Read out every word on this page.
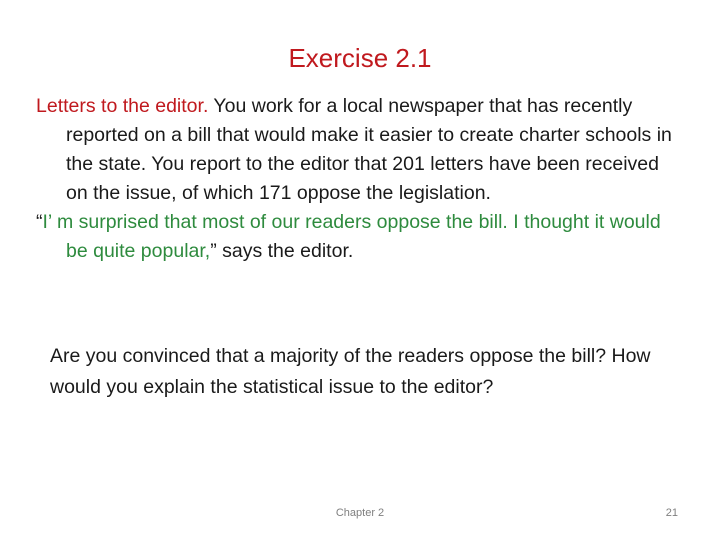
Exercise 2.1

Letters to the editor. You work for a local newspaper that has recently reported on a bill that would make it easier to create charter schools in the state. You report to the editor that 201 letters have been received on the issue, of which 171 oppose the legislation.

“I’ m surprised that most of our readers oppose the bill. I thought it would be quite popular,” says the editor.

Are you convinced that a majority of the readers oppose the bill? How would you explain the statistical issue to the editor?
Chapter 2	21
